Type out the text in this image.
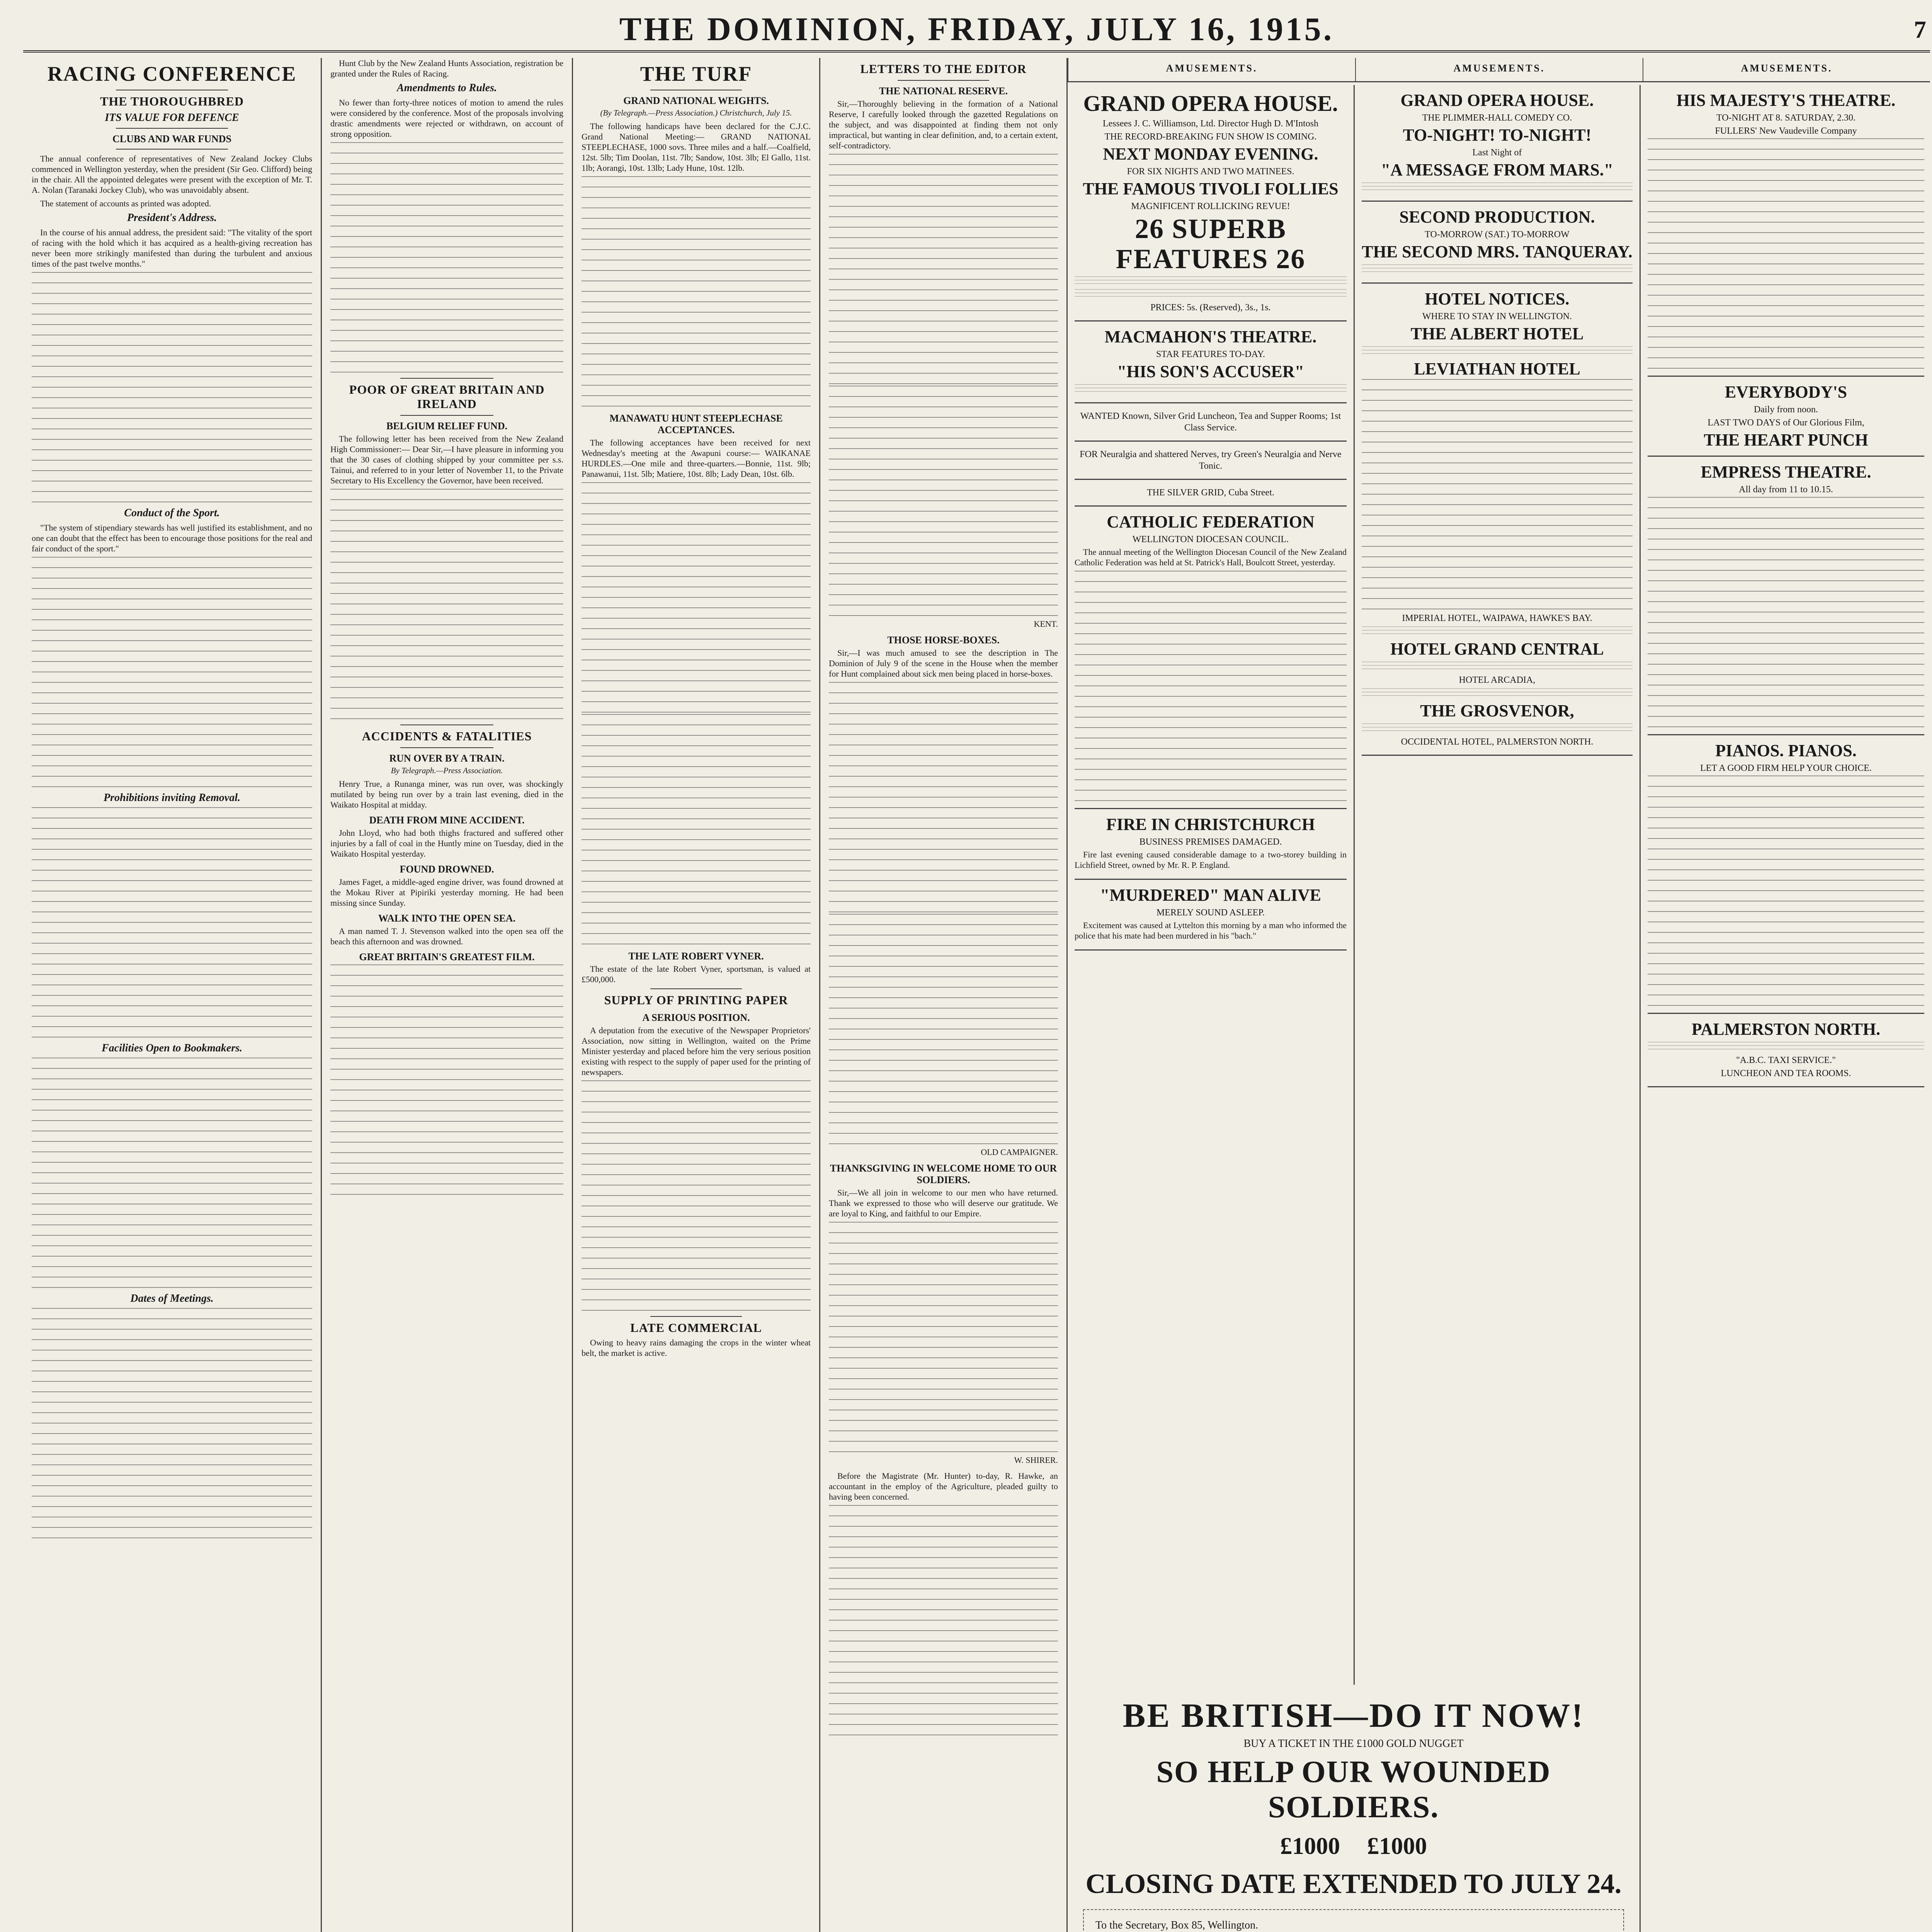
THE DOMINION, FRIDAY, JULY 16, 1915.	7
RACING CONFERENCE
THE THOROUGHBRED
ITS VALUE FOR DEFENCE
CLUBS AND WAR FUNDS

The annual conference of representatives of New Zealand Jockey Clubs commenced in Wellington yesterday, when the president (Sir Geo. Clifford) being in the chair. All the appointed delegates were present with the exception of Mr. T. A. Nolan (Taranaki Jockey Club), who was unavoidably absent.

The statement of accounts as printed was adopted.

President's Address.

In the course of his annual address, the president said: "The vitality of the sport of racing with the hold which it has acquired as a health-giving recreation has never been more strikingly manifested than during the turbulent and anxious times of the past twelve months."

Conduct of the Sport.

"The system of stipendiary stewards has well justified its establishment, and no one can doubt that the effect has been to encourage those positions for the real and fair conduct of the sport."

Prohibitions inviting Removal.
Facilities Open to Bookmakers.
Dates of Meetings.

Hunt Club by the New Zealand Hunts Association, registration be granted under the Rules of Racing.

Amendments to Rules.

No fewer than forty-three notices of motion to amend the rules were considered by the conference. Most of the proposals involving drastic amendments were rejected or withdrawn, on account of strong opposition.

POOR OF GREAT BRITAIN AND IRELAND
BELGIUM RELIEF FUND.

The following letter has been received from the New Zealand High Commissioner:— Dear Sir,—I have pleasure in informing you that the 30 cases of clothing shipped by your committee per s.s. Tainui, and referred to in your letter of November 11, to the Private Secretary to His Excellency the Governor, have been received.

ACCIDENTS & FATALITIES
RUN OVER BY A TRAIN.
By Telegraph.—Press Association.

Henry True, a Runanga miner, was run over, was shockingly mutilated by being run over by a train last evening, died in the Waikato Hospital at midday.

DEATH FROM MINE ACCIDENT.

John Lloyd, who had both thighs fractured and suffered other injuries by a fall of coal in the Huntly mine on Tuesday, died in the Waikato Hospital yesterday.

FOUND DROWNED.

James Faget, a middle-aged engine driver, was found drowned at the Mokau River at Pipiriki yesterday morning. He had been missing since Sunday.

WALK INTO THE OPEN SEA.

A man named T. J. Stevenson walked into the open sea off the beach this afternoon and was drowned.

GREAT BRITAIN'S GREATEST FILM.
THE TURF
GRAND NATIONAL WEIGHTS.
(By Telegraph.—Press Association.) Christchurch, July 15.

The following handicaps have been declared for the C.J.C. Grand National Meeting:— GRAND NATIONAL STEEPLECHASE, 1000 sovs. Three miles and a half.—Coalfield, 12st. 5lb; Tim Doolan, 11st. 7lb; Sandow, 10st. 3lb; El Gallo, 11st. 1lb; Aorangi, 10st. 13lb; Lady Hune, 10st. 12lb.

MANAWATU HUNT STEEPLECHASE ACCEPTANCES.

The following acceptances have been received for next Wednesday's meeting at the Awapuni course:— WAIKANAE HURDLES.—One mile and three-quarters.—Bonnie, 11st. 9lb; Panawanui, 11st. 5lb; Matiere, 10st. 8lb; Lady Dean, 10st. 6lb.

THE LATE ROBERT VYNER.

The estate of the late Robert Vyner, sportsman, is valued at £500,000.

SUPPLY OF PRINTING PAPER
A SERIOUS POSITION.

A deputation from the executive of the Newspaper Proprietors' Association, now sitting in Wellington, waited on the Prime Minister yesterday and placed before him the very serious position existing with respect to the supply of paper used for the printing of newspapers.

LATE COMMERCIAL

Owing to heavy rains damaging the crops in the winter wheat belt, the market is active.

LETTERS TO THE EDITOR
THE NATIONAL RESERVE.

Sir,—Thoroughly believing in the formation of a National Reserve, I carefully looked through the gazetted Regulations on the subject, and was disappointed at finding them not only impractical, but wanting in clear definition, and, to a certain extent, self-contradictory.

KENT.
THOSE HORSE-BOXES.

Sir,—I was much amused to see the description in The Dominion of July 9 of the scene in the House when the member for Hunt complained about sick men being placed in horse-boxes.

OLD CAMPAIGNER.
THANKSGIVING IN WELCOME HOME TO OUR SOLDIERS.

Sir,—We all join in welcome to our men who have returned. Thank we expressed to those who will deserve our gratitude. We are loyal to King, and faithful to our Empire.

W. SHIRER.

Before the Magistrate (Mr. Hunter) to-day, R. Hawke, an accountant in the employ of the Agriculture, pleaded guilty to having been concerned.

AMUSEMENTS.	AMUSEMENTS.	AMUSEMENTS.
GRAND OPERA HOUSE.
Lessees J. C. Williamson, Ltd. Director Hugh D. M'Intosh
THE RECORD-BREAKING FUN SHOW IS COMING.
NEXT MONDAY EVENING.
FOR SIX NIGHTS AND TWO MATINEES.
THE FAMOUS TIVOLI FOLLIES
MAGNIFICENT ROLLICKING REVUE!
26 SUPERB FEATURES 26
PRICES: 5s. (Reserved), 3s., 1s.
MACMAHON'S THEATRE.
STAR FEATURES TO-DAY.
"HIS SON'S ACCUSER"
WANTED Known, Silver Grid Luncheon, Tea and Supper Rooms; 1st Class Service.
FOR Neuralgia and shattered Nerves, try Green's Neuralgia and Nerve Tonic.
THE SILVER GRID, Cuba Street.
CATHOLIC FEDERATION
WELLINGTON DIOCESAN COUNCIL.

The annual meeting of the Wellington Diocesan Council of the New Zealand Catholic Federation was held at St. Patrick's Hall, Boulcott Street, yesterday.

FIRE IN CHRISTCHURCH
BUSINESS PREMISES DAMAGED.

Fire last evening caused considerable damage to a two-storey building in Lichfield Street, owned by Mr. R. P. England.

"MURDERED" MAN ALIVE
MERELY SOUND ASLEEP.

Excitement was caused at Lyttelton this morning by a man who informed the police that his mate had been murdered in his "bach."

GRAND OPERA HOUSE.
THE PLIMMER-HALL COMEDY CO.
TO-NIGHT! TO-NIGHT!
Last Night of
"A MESSAGE FROM MARS."
SECOND PRODUCTION.
TO-MORROW (SAT.) TO-MORROW
THE SECOND MRS. TANQUERAY.
HOTEL NOTICES.
WHERE TO STAY IN WELLINGTON.
THE ALBERT HOTEL
LEVIATHAN HOTEL
IMPERIAL HOTEL, WAIPAWA, HAWKE'S BAY.
HOTEL GRAND CENTRAL
HOTEL ARCADIA,
THE GROSVENOR,
OCCIDENTAL HOTEL, PALMERSTON NORTH.
HIS MAJESTY'S THEATRE.
TO-NIGHT AT 8. SATURDAY, 2.30.
FULLERS' New Vaudeville Company
EVERYBODY'S
Daily from noon.
LAST TWO DAYS of Our Glorious Film,
THE HEART PUNCH
EMPRESS THEATRE.
All day from 11 to 10.15.
PIANOS. PIANOS.
LET A GOOD FIRM HELP YOUR CHOICE.
PALMERSTON NORTH.
"A.B.C. TAXI SERVICE."
LUNCHEON AND TEA ROOMS.
BE BRITISH—DO IT NOW!
BUY A TICKET IN THE £1000 GOLD NUGGET
SO HELP OUR WOUNDED SOLDIERS.
£1000 £1000
CLOSING DATE EXTENDED TO JULY 24.
To the Secretary, Box 85, Wellington.
